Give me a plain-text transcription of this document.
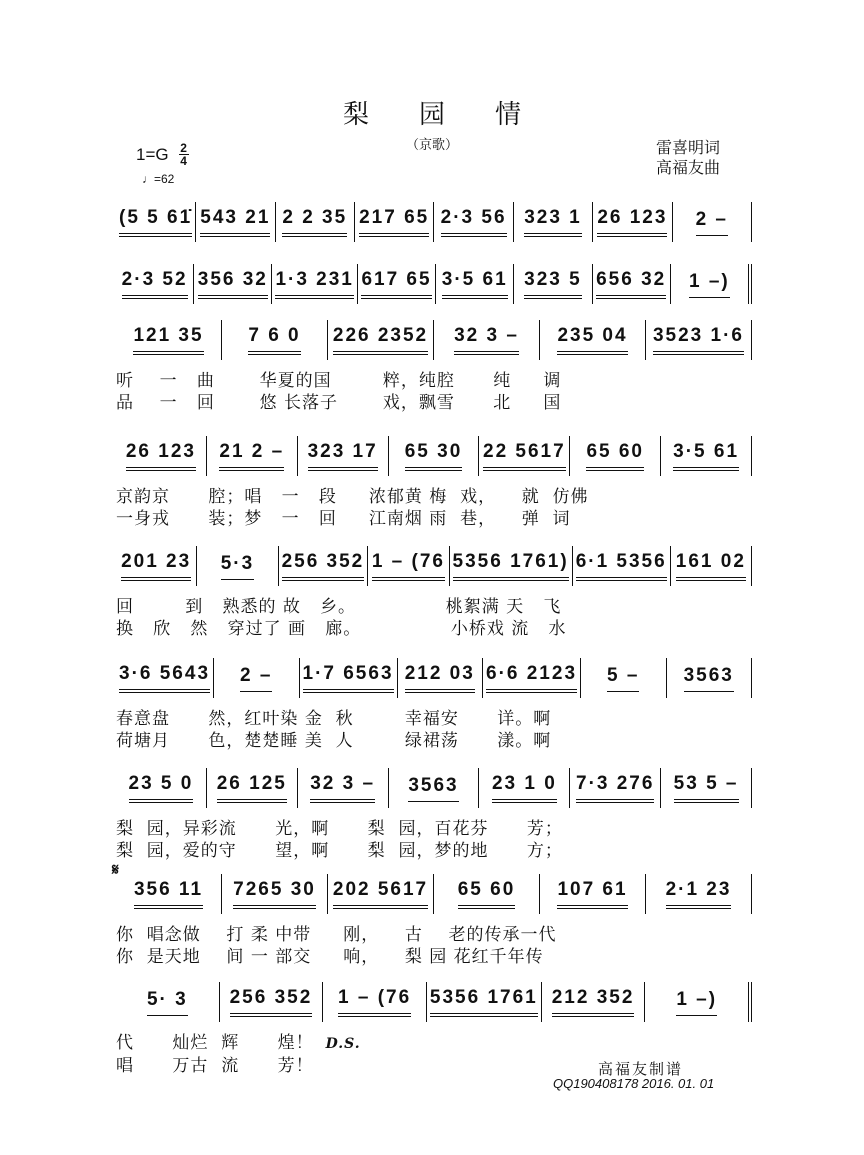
梨园情
（京歌）
1=G 2
4
♩=62
雷喜明词
高福友曲
(5 5 61̇ 543 21 2 2 35 217 65 2·3 56 323 1 26 123 2 –
2·3 52 356 32 1·3 231 617 65 3·5 61 323 5 656 32 1 –)
121 35 7 6 0 226 2352 32 3 – 235 04 3523 1·6
听    一   曲       华夏的国        粹，纯腔      纯     调
品    一   回       悠 长落子       戏，飘雪      北     国
26 123 21 2 – 323 17 65 30 22 5617 65 60 3·5 61
京韵京      腔；唱   一   段     浓郁黄 梅  戏，    就  仿佛
一身戎      装；梦   一   回     江南烟 雨  巷，    弹  词
201 23 5·3 256 352 1 – (76 5356 1761) 6·1 5356 161 02
回        到   熟悉的 故   乡。              桃絮满 天   飞
换   欣   然   穿过了 画   廊。              小桥戏 流   水
3·6 5643 2 – 1·7 6563 212 03 6·6 2123 5 – 3563
春意盘      然，红叶染 金  秋        幸福安      详。啊
荷塘月      色，楚楚睡 美  人        绿裙荡      漾。啊
23 5 0 26 125 32 3 – 3563 23 1 0 7·3 276 53 5 –
梨  园，异彩流      光，啊      梨  园，百花芬      芳；
梨  园，爱的守      望，啊      梨  园，梦的地      方；
𝄋
356 11 7265 30 202 5617 65 60 107 61 2·1 23
你  唱念做    打 柔 中带     刚，    古    老的传承一代
你  是天地    间 一 部交     响，    梨 园 花红千年传
5· 3 256 352 1 – (76 5356 1761 212 352 1 –)
代      灿烂  辉      煌！ D.S.
唱      万古  流      芳！	高福友制谱
QQ190408178 2016. 01. 01
